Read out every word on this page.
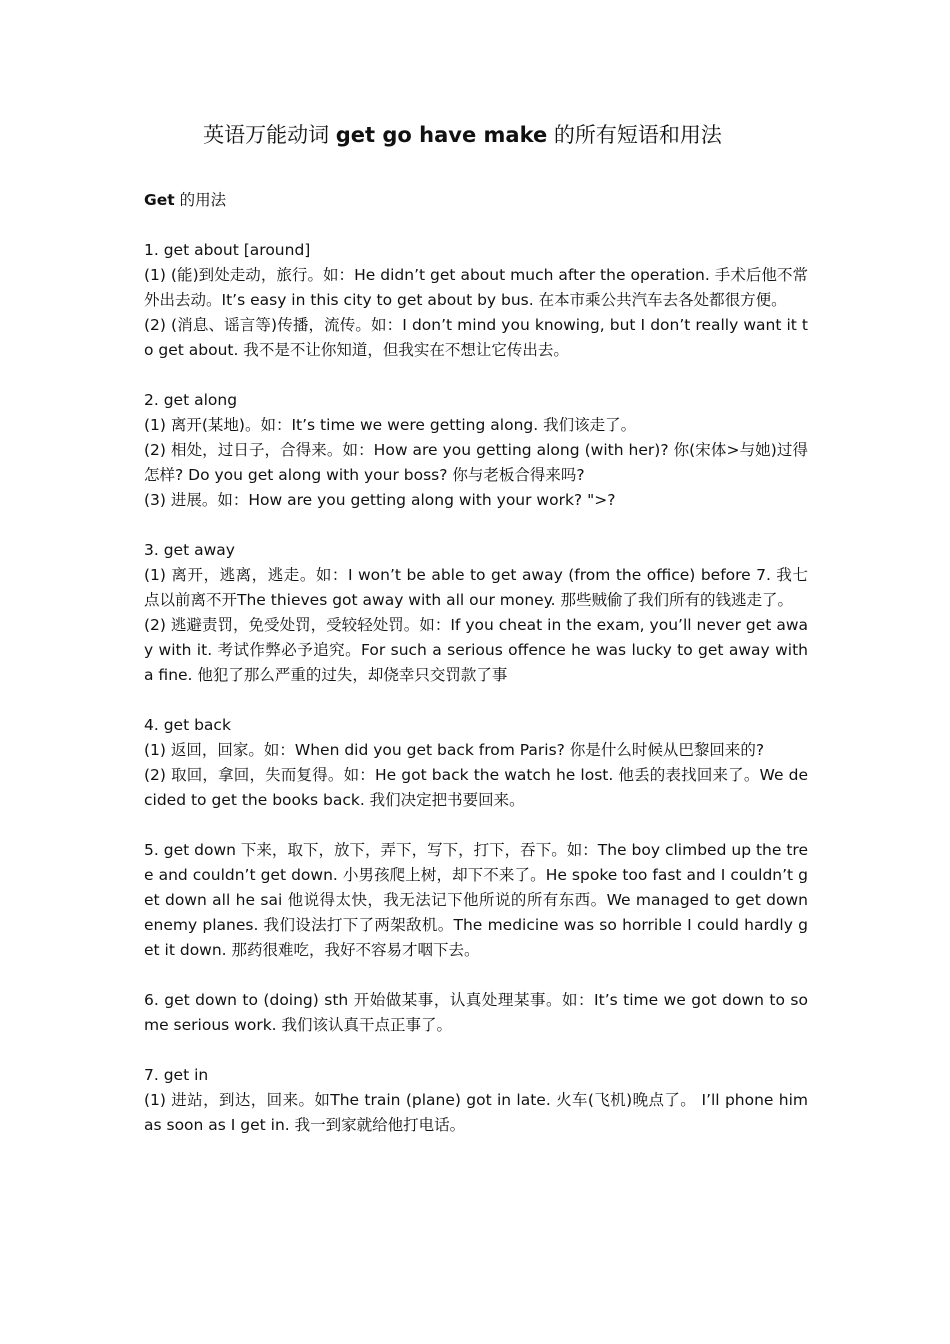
英语万能动词 get go have make 的所有短语和用法
Get 的用法

1. get about [around]

(1) (能)到处走动，旅行。如：He didn’t get about much after the operation. 手术后他不常外出去动。It’s easy in this city to get about by bus. 在本市乘公共汽车去各处都很方便。

(2) (消息、谣言等)传播，流传。如：I don’t mind you knowing, but I don’t really want it to get about. 我不是不让你知道，但我实在不想让它传出去。

2. get along

(1) 离开(某地)。如：It’s time we were getting along. 我们该走了。

(2) 相处，过日子，合得来。如：How are you getting along (with her)? 你(宋体>与她)过得怎样? Do you get along with your boss? 你与老板合得来吗?

(3) 进展。如：How are you getting along with your work? ">?

3. get away

(1) 离开，逃离，逃走。如：I won’t be able to get away (from the office) before 7. 我七点以前离不开The thieves got away with all our money. 那些贼偷了我们所有的钱逃走了。

(2) 逃避责罚，免受处罚，受较轻处罚。如：If you cheat in the exam, you’ll never get away with it. 考试作弊必予追究。For such a serious offence he was lucky to get away with a fine. 他犯了那么严重的过失，却侥幸只交罚款了事

4. get back

(1) 返回，回家。如：When did you get back from Paris? 你是什么时候从巴黎回来的?

(2) 取回，拿回，失而复得。如：He got back the watch he lost. 他丢的表找回来了。We decided to get the books back. 我们决定把书要回来。

5. get down 下来，取下，放下，弄下，写下，打下，吞下。如：The boy climbed up the tree and couldn’t get down. 小男孩爬上树，却下不来了。He spoke too fast and I couldn’t get down all he sai 他说得太快，我无法记下他所说的所有东西。We managed to get down enemy planes. 我们设法打下了两架敌机。The medicine was so horrible I could hardly get it down. 那药很难吃，我好不容易才咽下去。

6. get down to (doing) sth 开始做某事，认真处理某事。如：It’s time we got down to some serious work. 我们该认真干点正事了。

7. get in

(1) 进站，到达，回来。如The train (plane) got in late. 火车(飞机)晚点了。 I’ll phone him as soon as I get in. 我一到家就给他打电话。
